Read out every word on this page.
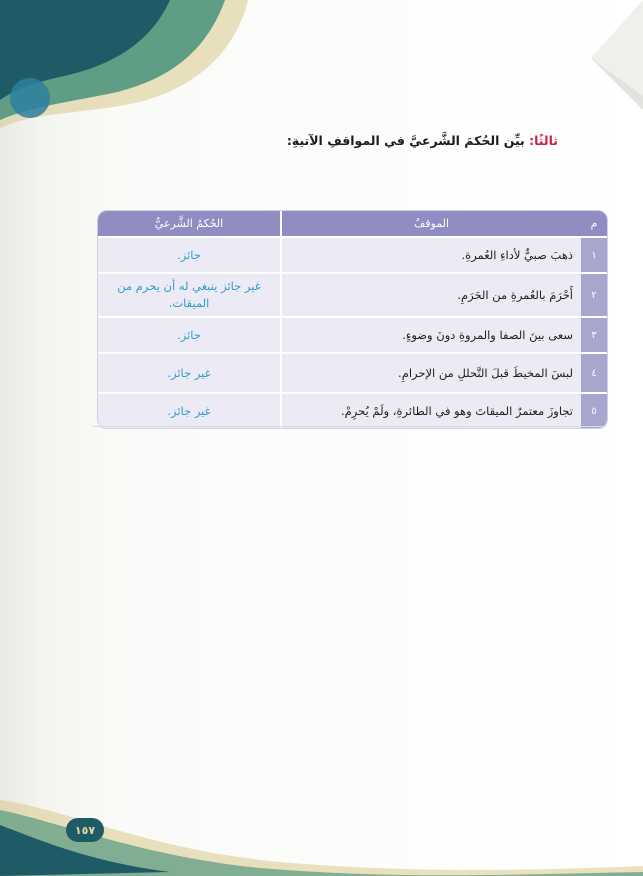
ثالثًا: بيِّن الحُكمَ الشَّرعيَّ في المواقفِ الآتيةِ:
م
الموقفُ
الحُكمُ الشَّرعيُّ
١
ذهبَ صبيٌّ لأداءِ العُمرةِ.
جائز.
٢
أَحْرَمَ بالعُمرةِ من الحَرَمِ.
غير جائز ينبغي له أن يحرم من الميقات.
٣
سعى بينَ الصفا والمروةِ دونَ وضوءٍ.
جائز.
٤
لبسَ المخيطَ قبلَ التَّحللِ من الإحرامِ.
غير جائز.
٥
تجاوزَ معتمرٌ الميقاتَ وهو في الطائرةِ، ولَمْ يُحرِمْ.
غير جائز.
١٥٧
